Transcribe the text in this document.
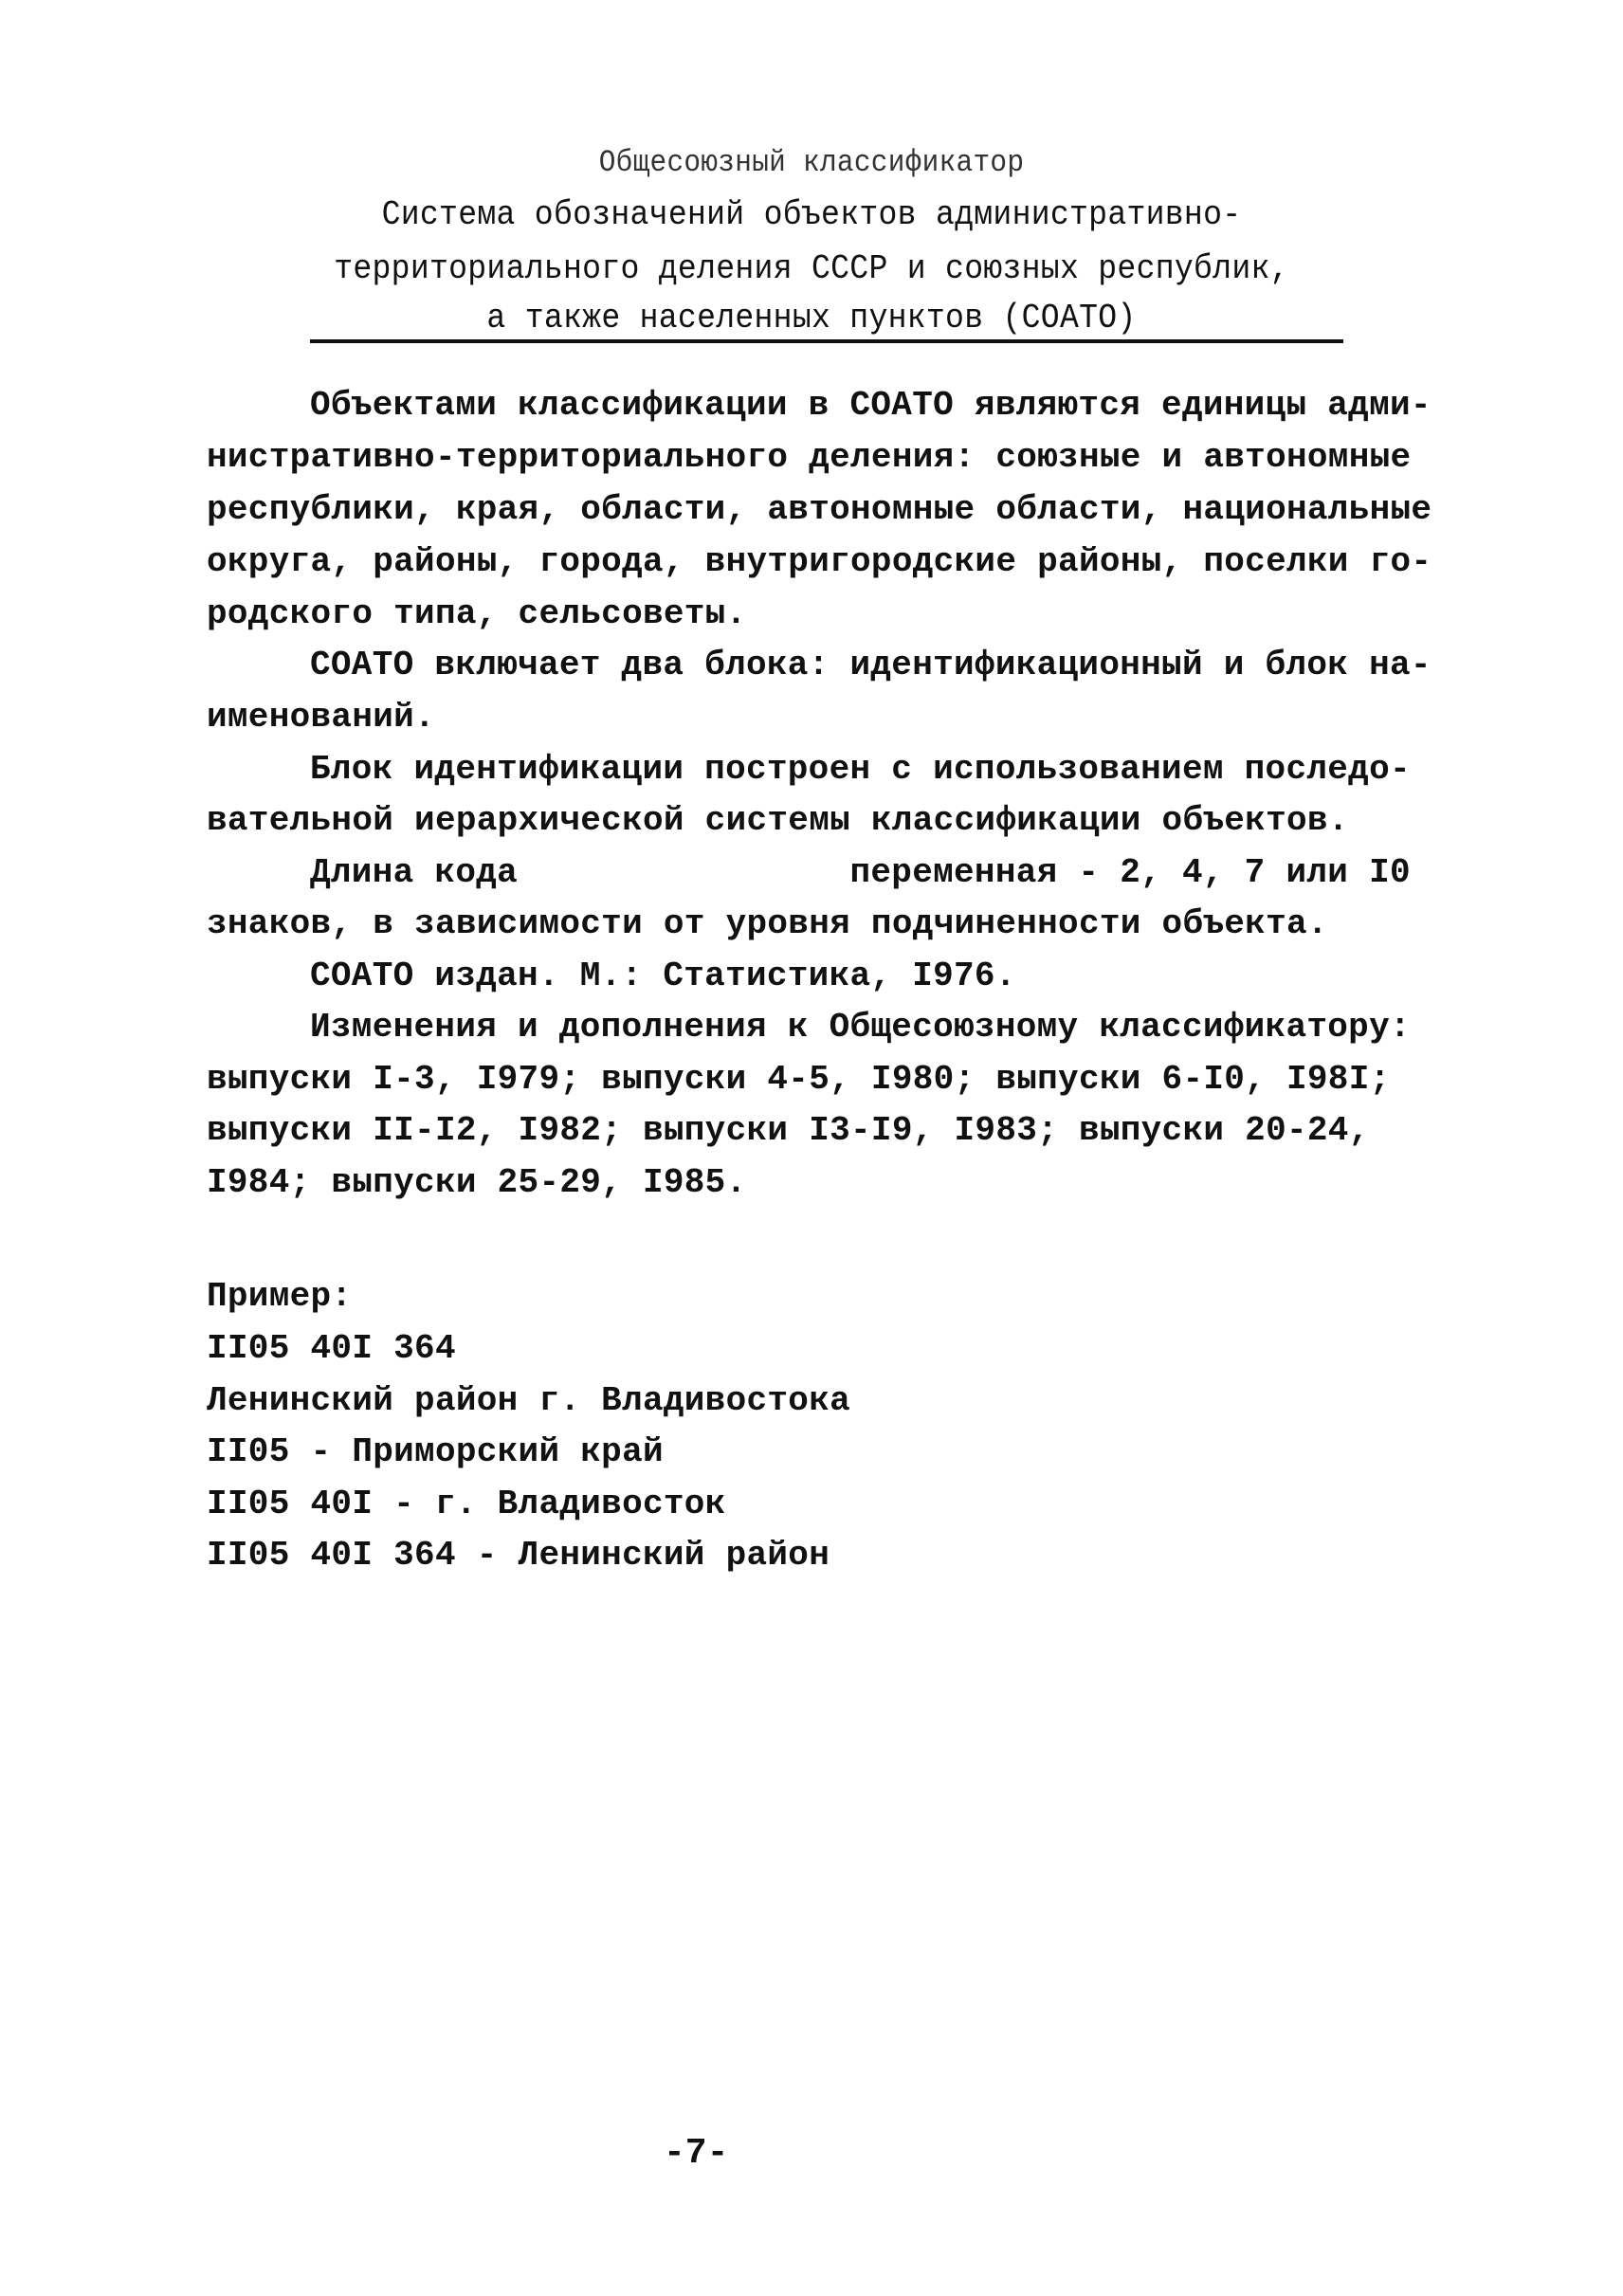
Общесоюзный классификатор
Система обозначений объектов административно-
территориального деления СССР и союзных республик,
а также населенных пунктов (СОАТО)
Объектами классификации в СОАТО являются единицы адми-
нистративно-территориального деления: союзные и автономные
республики, края, области, автономные области, национальные
округа, районы, города, внутригородские районы, поселки го-
родского типа, сельсоветы.
СОАТО включает два блока: идентификационный и блок на-
именований.
Блок идентификации построен с использованием последо-
вательной иерархической системы классификации объектов.
Длина кода                переменная - 2, 4, 7 или I0
знаков, в зависимости от уровня подчиненности объекта.
СОАТО издан. М.: Статистика, I976.
Изменения и дополнения к Общесоюзному классификатору:
выпуски I-3, I979; выпуски 4-5, I980; выпуски 6-I0, I98I;
выпуски II-I2, I982; выпуски I3-I9, I983; выпуски 20-24,
I984; выпуски 25-29, I985.
Пример:
II05 40I 364
Ленинский район г. Владивостока
II05 - Приморский край
II05 40I - г. Владивосток
II05 40I 364 - Ленинский район
-7-
